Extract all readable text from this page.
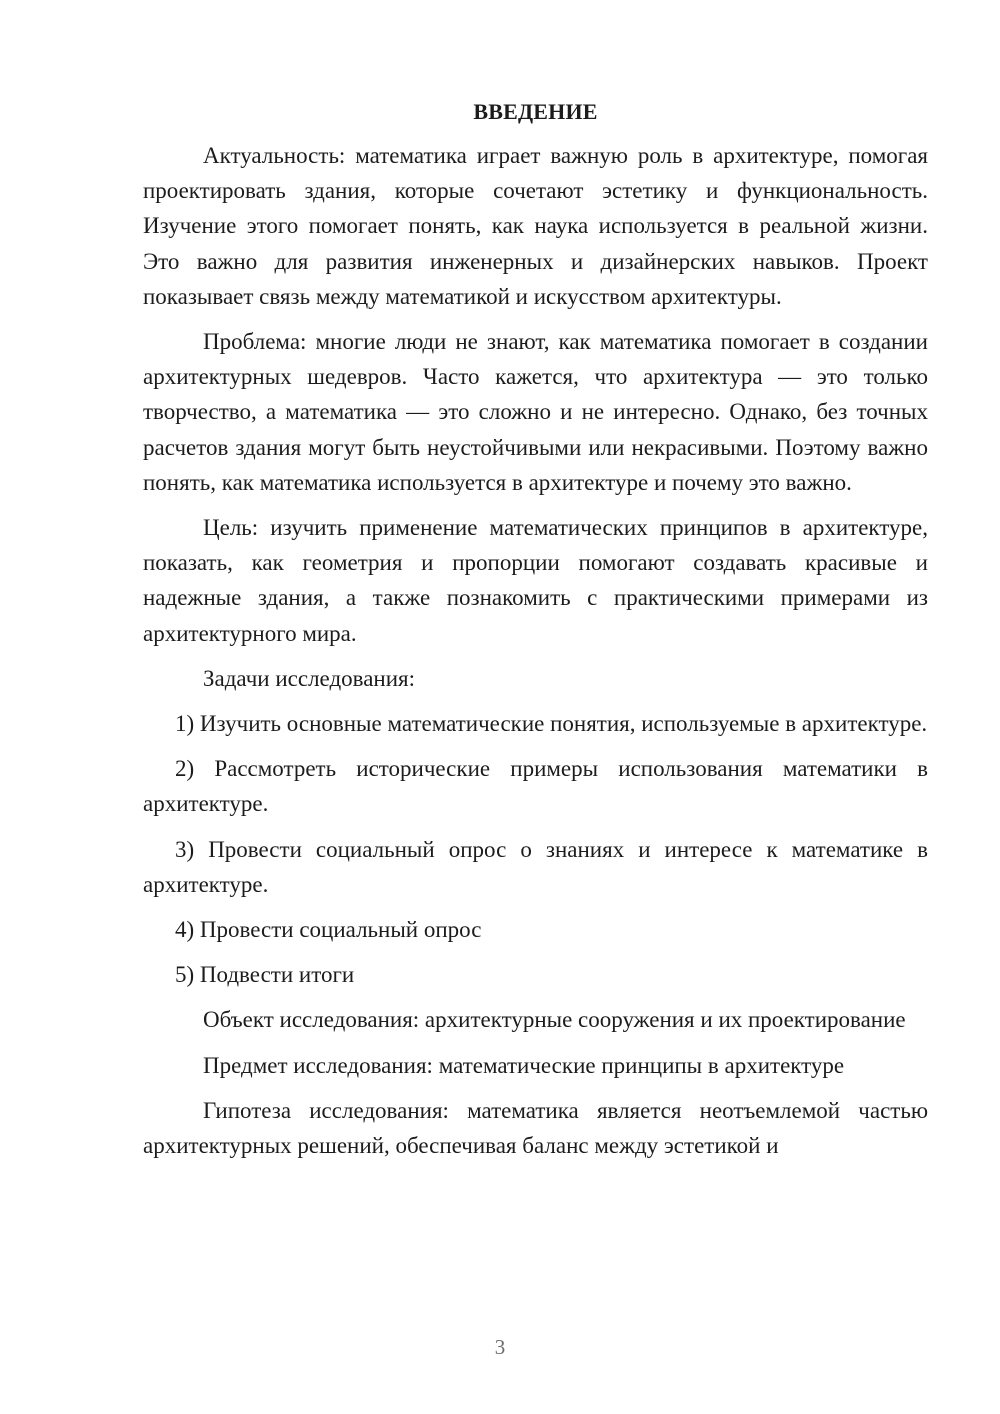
ВВЕДЕНИЕ

Актуальность: математика играет важную роль в архитектуре, помогая проектировать здания, которые сочетают эстетику и функциональность. Изучение этого помогает понять, как наука используется в реальной жизни. Это важно для развития инженерных и дизайнерских навыков. Проект показывает связь между математикой и искусством архитектуры.

Проблема: многие люди не знают, как математика помогает в создании архитектурных шедевров. Часто кажется, что архитектура — это только творчество, а математика — это сложно и не интересно. Однако, без точных расчетов здания могут быть неустойчивыми или некрасивыми. Поэтому важно понять, как математика используется в архитектуре и почему это важно.

Цель: изучить применение математических принципов в архитектуре, показать, как геометрия и пропорции помогают создавать красивые и надежные здания, а также познакомить с практическими примерами из архитектурного мира.

Задачи исследования:

1) Изучить основные математические понятия, используемые в архитектуре.

2) Рассмотреть исторические примеры использования математики в архитектуре.

3) Провести социальный опрос о знаниях и интересе к математике в архитектуре.

4) Провести социальный опрос

5) Подвести итоги

Объект исследования: архитектурные сооружения и их проектирование

Предмет исследования: математические принципы в архитектуре

Гипотеза исследования: математика является неотъемлемой частью архитектурных решений, обеспечивая баланс между эстетикой и

3
